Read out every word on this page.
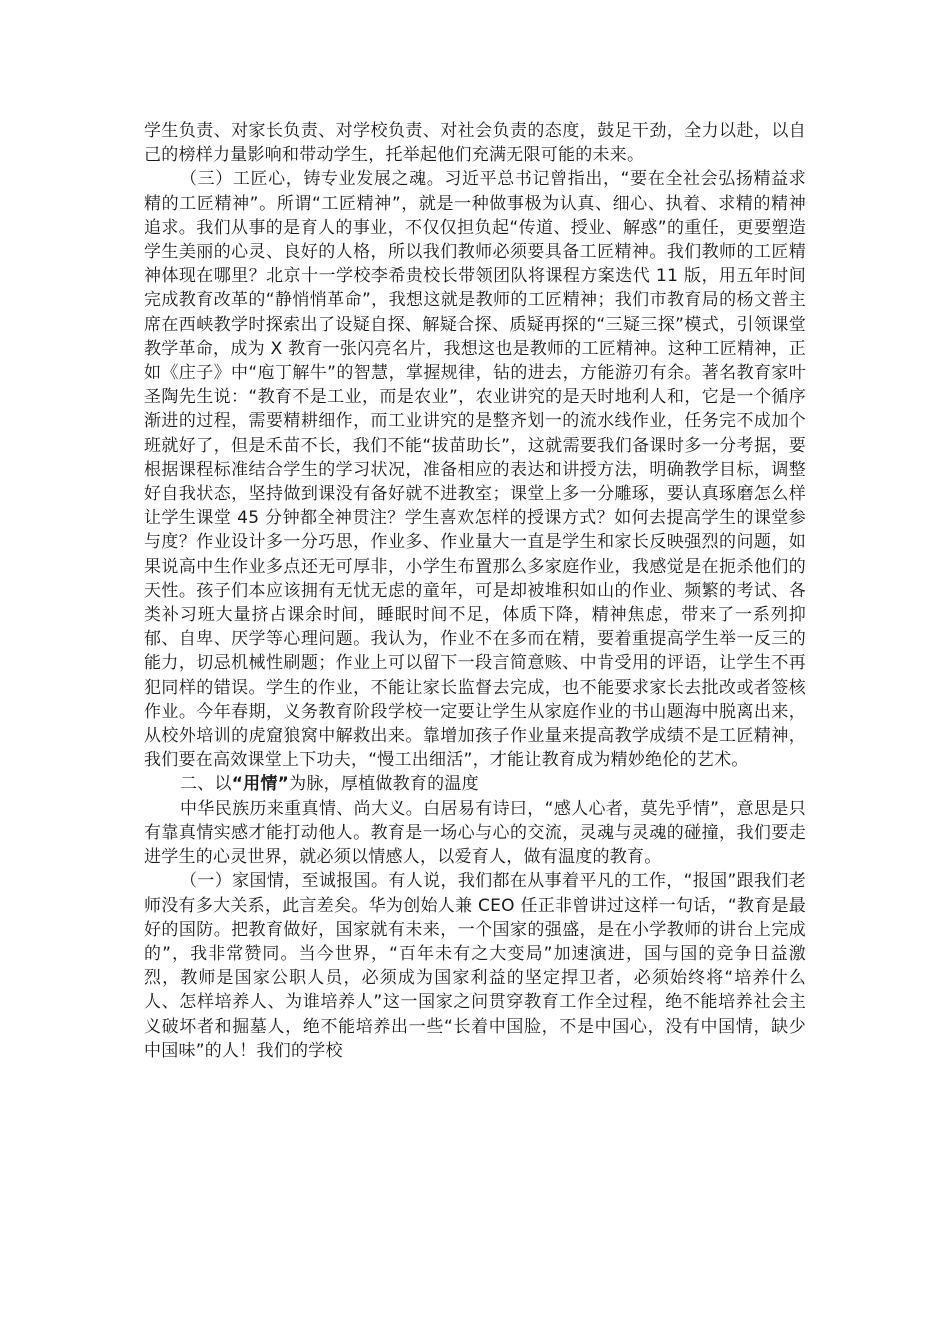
学生负责、对家长负责、对学校负责、对社会负责的态度，鼓足干劲，全力以赴，以自己的榜样力量影响和带动学生，托举起他们充满无限可能的未来。

（三）工匠心，铸专业发展之魂。习近平总书记曾指出，“要在全社会弘扬精益求精的工匠精神”。所谓“工匠精神”，就是一种做事极为认真、细心、执着、求精的精神追求。我们从事的是育人的事业，不仅仅担负起“传道、授业、解惑”的重任，更要塑造学生美丽的心灵、良好的人格，所以我们教师必须要具备工匠精神。我们教师的工匠精神体现在哪里？北京十一学校李希贵校长带领团队将课程方案迭代 11 版，用五年时间完成教育改革的“静悄悄革命”，我想这就是教师的工匠精神；我们市教育局的杨文普主席在西峡教学时探索出了设疑自探、解疑合探、质疑再探的“三疑三探”模式，引领课堂教学革命，成为 X 教育一张闪亮名片，我想这也是教师的工匠精神。这种工匠精神，正如《庄子》中“庖丁解牛”的智慧，掌握规律，钻的进去，方能游刃有余。著名教育家叶圣陶先生说：“教育不是工业，而是农业”，农业讲究的是天时地利人和，它是一个循序渐进的过程，需要精耕细作，而工业讲究的是整齐划一的流水线作业，任务完不成加个班就好了，但是禾苗不长，我们不能“拔苗助长”，这就需要我们备课时多一分考据，要根据课程标准结合学生的学习状况，准备相应的表达和讲授方法，明确教学目标，调整好自我状态，坚持做到课没有备好就不进教室；课堂上多一分雕琢，要认真琢磨怎么样让学生课堂 45 分钟都全神贯注？学生喜欢怎样的授课方式？如何去提高学生的课堂参与度？作业设计多一分巧思，作业多、作业量大一直是学生和家长反映强烈的问题，如果说高中生作业多点还无可厚非，小学生布置那么多家庭作业，我感觉是在扼杀他们的天性。孩子们本应该拥有无忧无虑的童年，可是却被堆积如山的作业、频繁的考试、各类补习班大量挤占课余时间，睡眠时间不足，体质下降，精神焦虑，带来了一系列抑郁、自卑、厌学等心理问题。我认为，作业不在多而在精，要着重提高学生举一反三的能力，切忌机械性刷题；作业上可以留下一段言简意赅、中肯受用的评语，让学生不再犯同样的错误。学生的作业，不能让家长监督去完成，也不能要求家长去批改或者签核作业。今年春期，义务教育阶段学校一定要让学生从家庭作业的书山题海中脱离出来，从校外培训的虎窟狼窝中解救出来。靠增加孩子作业量来提高教学成绩不是工匠精神，我们要在高效课堂上下功夫，“慢工出细活”，才能让教育成为精妙绝伦的艺术。

二、以“用情”为脉，厚植做教育的温度

中华民族历来重真情、尚大义。白居易有诗曰，“感人心者，莫先乎情”，意思是只有靠真情实感才能打动他人。教育是一场心与心的交流，灵魂与灵魂的碰撞，我们要走进学生的心灵世界，就必须以情感人，以爱育人，做有温度的教育。

（一）家国情，至诚报国。有人说，我们都在从事着平凡的工作，“报国”跟我们老师没有多大关系，此言差矣。华为创始人兼 CEO 任正非曾讲过这样一句话，“教育是最好的国防。把教育做好，国家就有未来，一个国家的强盛，是在小学教师的讲台上完成的”，我非常赞同。当今世界，“百年未有之大变局”加速演进，国与国的竞争日益激烈，教师是国家公职人员，必须成为国家利益的坚定捍卫者，必须始终将“培养什么人、怎样培养人、为谁培养人”这一国家之问贯穿教育工作全过程，绝不能培养社会主义破坏者和掘墓人，绝不能培养出一些“长着中国脸，不是中国心，没有中国情，缺少中国味”的人！我们的学校
